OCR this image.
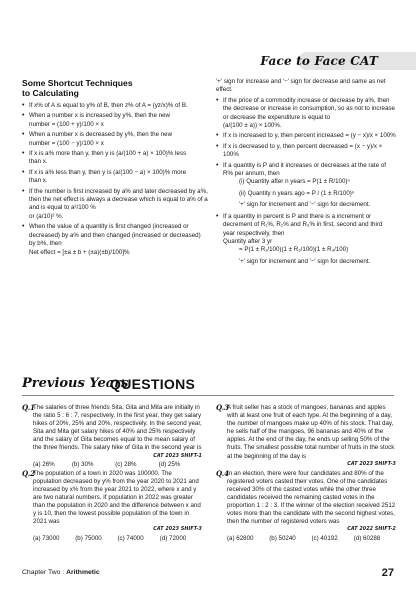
Face to Face CAT
Some Shortcut Techniques
to Calculating
• If x% of A is equal to y% of B, then z% of A = (yz/x)% of B.
• When a number x is increased by y%, then the new
number = (100 + y)/100 × x
• When a number x is decreased by y%, then the new
number = (100 − y)/100 × x
• If x is a% more than y, then y is (a/(100 + a) × 100)% less
than x.
• If x is a% less than y, then y is (a/(100 − a) × 100)% more
than x.
• If the number is first increased by a% and later decreased by a%, then the net effect is always a decrease which is equal to a% of a and is equal to a²/100 %
or (a/10)² %.
• When the value of a quantity is first changed (increased or decreased) by a% and then changed (increased or decreased) by b%, then
Net effect = [±a ± b + (±a)(±b)/100]%
'+' sign for increase and '−' sign for decrease and same as net effect.
• If the price of a commodity increase or decrease by a%, then the decrease or increase in consumption, so as not to increase or decrease the expenditure is equal to
(a/(100 ± a)) × 100%.
• If x is increased to y, then percent increased = (y − x)/x × 100%
• If x is decreased to y, then percent decreased = (x − y)/x × 100%
• If a quantity is P and it increases or decreases at the rate of R% per annum, then
(i) Quantity after n years = P(1 ± R/100)ⁿ
(ii) Quantity n years ago = P / (1 ± R/100)ⁿ
'+' sign for increment and '−' sign for decrement.
• If a quantity in percent is P and there is a increment or decrement of R₁%, R₂% and R₃% in first, second and third year respectively, then
Quantity after 3 yr
= P(1 ± R₁/100)(1 ± R₂/100)(1 ± R₃/100)
'+' sign for increment and '−' sign for decrement.
Previous Years
QUESTIONS
Q.1
The salaries of three friends Sita, Gita and Mita are initially in the ratio 5 : 6 : 7, respectively. In the first year, they get salary hikes of 20%, 25% and 20%, respectively. In the second year, Sita and Mita get salary hikes of 40% and 25% respectively and the salary of Gita becomes equal to the mean salary of the three friends. The salary hike of Gita in the second year is
CAT 2023 SHIFT-1
(a) 26%	(b) 30%	(c) 28%	(d) 25%
Q.2
The population of a town in 2020 was 100000. The population decreased by y% from the year 2020 to 2021 and increased by x% from the year 2021 to 2022, where x and y are two natural numbers. If population in 2022 was greater than the population in 2020 and the difference between x and y is 10, then the lowest possible population of the town in 2021 was
CAT 2023 SHIFT-3
(a) 73000	(b) 75000	(c) 74000	(d) 72000
Q.3
A fruit seller has a stock of mangoes, bananas and apples with at least one fruit of each type. At the beginning of a day, the number of mangoes make up 40% of his stock. That day, he sells half of the mangoes, 96 bananas and 40% of the apples. At the end of the day, he ends up selling 50% of the fruits. The smallest possible total number of fruits in the stock at the beginning of the day is
CAT 2023 SHIFT-3
Q.4
In an election, there were four candidates and 80% of the registered voters casted their votes. One of the candidates received 30% of the casted votes while the other three candidates received the remaining casted votes in the proportion 1 : 2 : 3. If the winner of the election received 2512 votes more than the candidate with the second highest votes, then the number of registered voters was
CAT 2022 SHIFT-2
(a) 62800	(b) 50240	(c) 40192	(d) 60288
Chapter Two : Arithmetic	27
